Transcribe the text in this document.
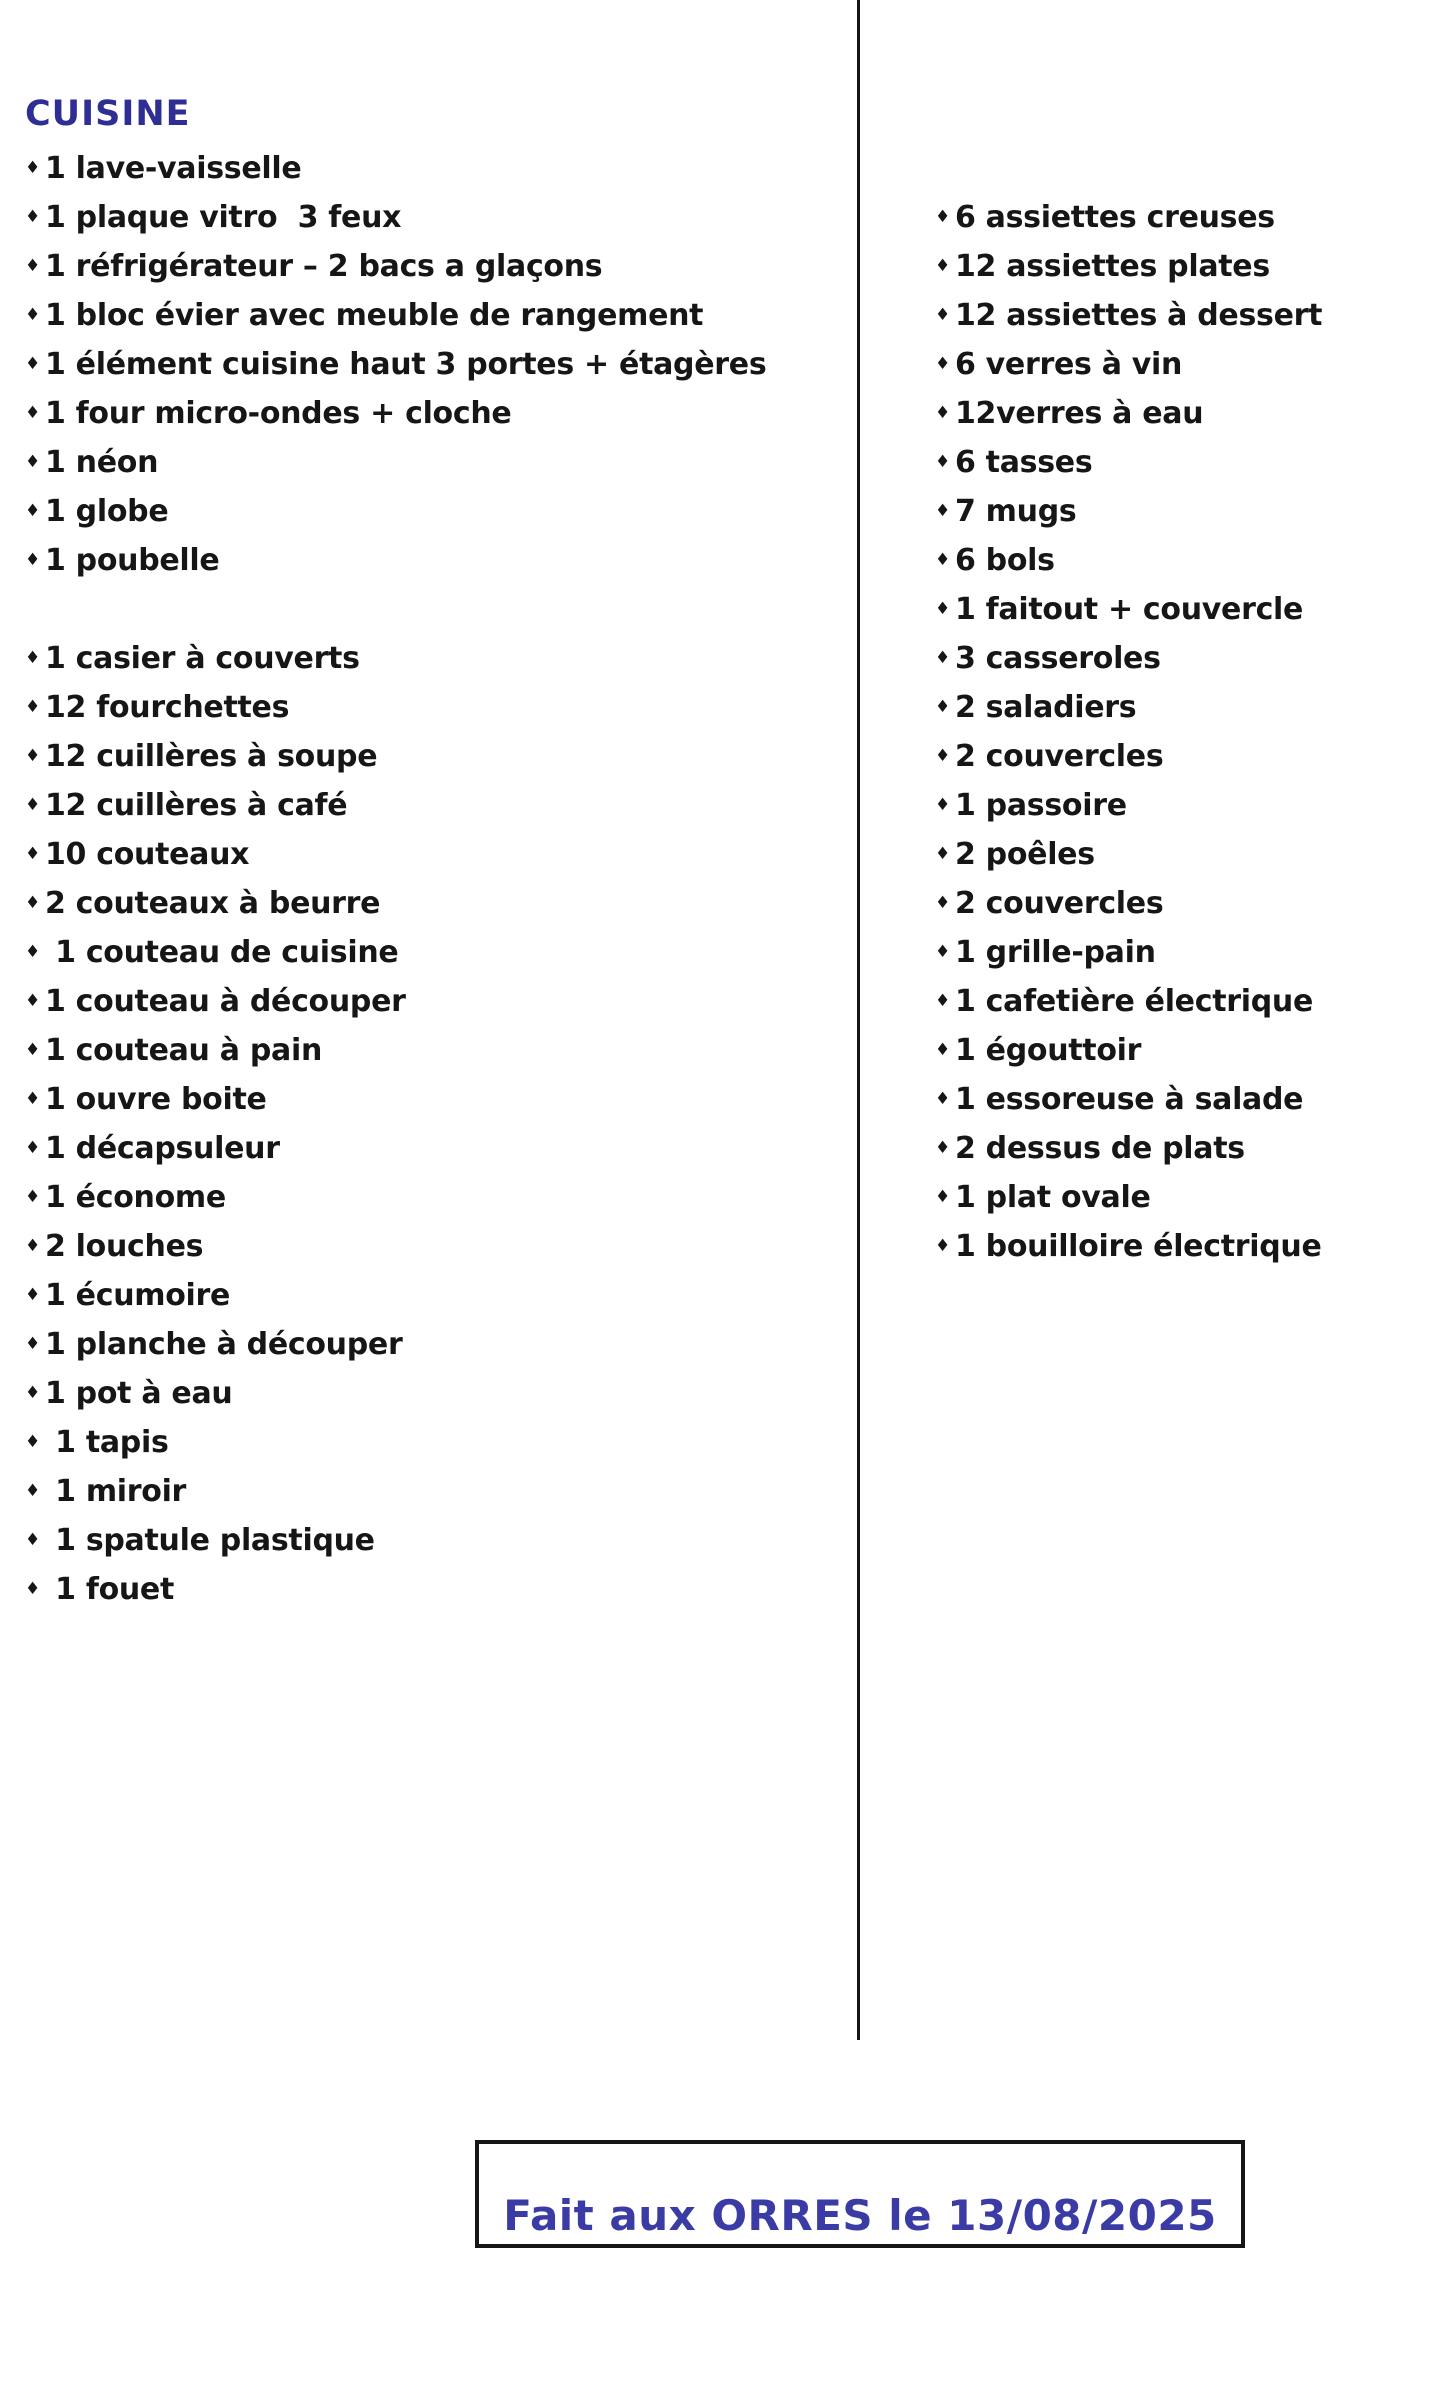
CUISINE
♦ 1 lave-vaisselle
♦ 1 plaque vitro  3 feux
♦ 1 réfrigérateur – 2 bacs a glaçons
♦ 1 bloc évier avec meuble de rangement
♦ 1 élément cuisine haut 3 portes + étagères
♦ 1 four micro-ondes + cloche
♦ 1 néon
♦ 1 globe
♦ 1 poubelle
♦ 1 casier à couverts
♦ 12 fourchettes
♦ 12 cuillères à soupe
♦ 12 cuillères à café
♦ 10 couteaux
♦ 2 couteaux à beurre
♦ 1 couteau de cuisine
♦ 1 couteau à découper
♦ 1 couteau à pain
♦ 1 ouvre boite
♦ 1 décapsuleur
♦ 1 économe
♦ 2 louches
♦ 1 écumoire
♦ 1 planche à découper
♦ 1 pot à eau
♦ 1 tapis
♦ 1 miroir
♦ 1 spatule plastique
♦ 1 fouet
♦ 6 assiettes creuses
♦ 12 assiettes plates
♦ 12 assiettes à dessert
♦ 6 verres à vin
♦ 12verres à eau
♦ 6 tasses
♦ 7 mugs
♦ 6 bols
♦ 1 faitout + couvercle
♦ 3 casseroles
♦ 2 saladiers
♦ 2 couvercles
♦ 1 passoire
♦ 2 poêles
♦ 2 couvercles
♦ 1 grille-pain
♦ 1 cafetière électrique
♦ 1 égouttoir
♦ 1 essoreuse à salade
♦ 2 dessus de plats
♦ 1 plat ovale
♦ 1 bouilloire électrique
Fait aux ORRES le 13/08/2025
